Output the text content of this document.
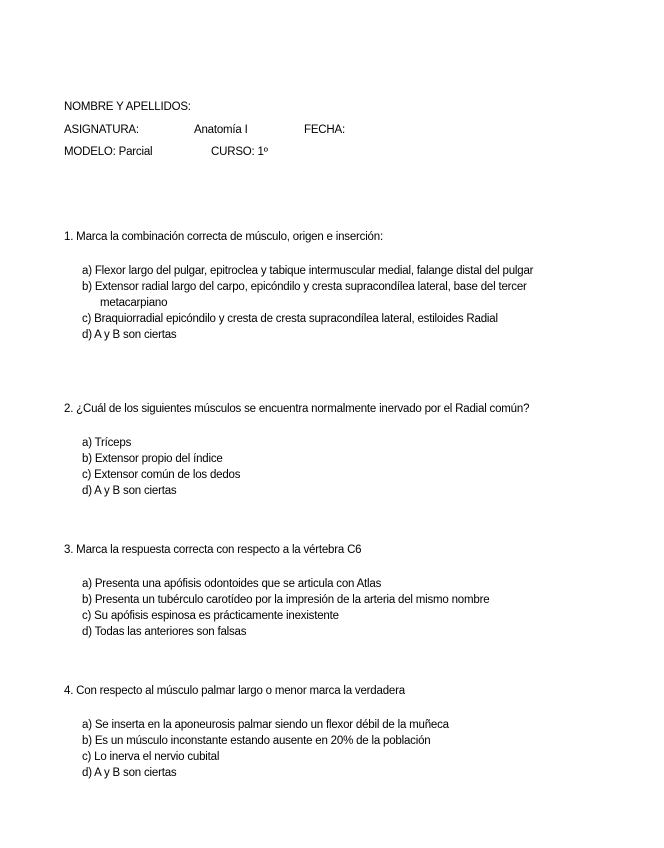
NOMBRE Y APELLIDOS:
ASIGNATURA:	Anatomía I	FECHA:
MODELO: Parcial	CURSO: 1º
1. Marca la combinación correcta de músculo, origen e inserción:
a) Flexor largo del pulgar, epitroclea y tabique intermuscular medial, falange distal del pulgar
b) Extensor radial largo del carpo, epicóndilo y cresta supracondílea lateral, base del tercer metacarpiano
c) Braquiorradial epicóndilo y cresta de cresta supracondílea lateral, estiloides Radial
d) A y B son ciertas
2. ¿Cuál de los siguientes músculos se encuentra normalmente inervado por el Radial común?
a) Tríceps
b) Extensor propio del índice
c) Extensor común de los dedos
d) A y B son ciertas
3. Marca la respuesta correcta con respecto a la vértebra C6
a) Presenta una apófisis odontoides que se articula con Atlas
b) Presenta un tubérculo carotídeo por la impresión de la arteria del mismo nombre
c) Su apófisis espinosa es prácticamente inexistente
d) Todas las anteriores son falsas
4. Con respecto al músculo palmar largo o menor marca la verdadera
a) Se inserta en la aponeurosis palmar siendo un flexor débil de la muñeca
b) Es un músculo inconstante estando ausente en 20% de la población
c) Lo inerva el nervio cubital
d) A y B son ciertas
